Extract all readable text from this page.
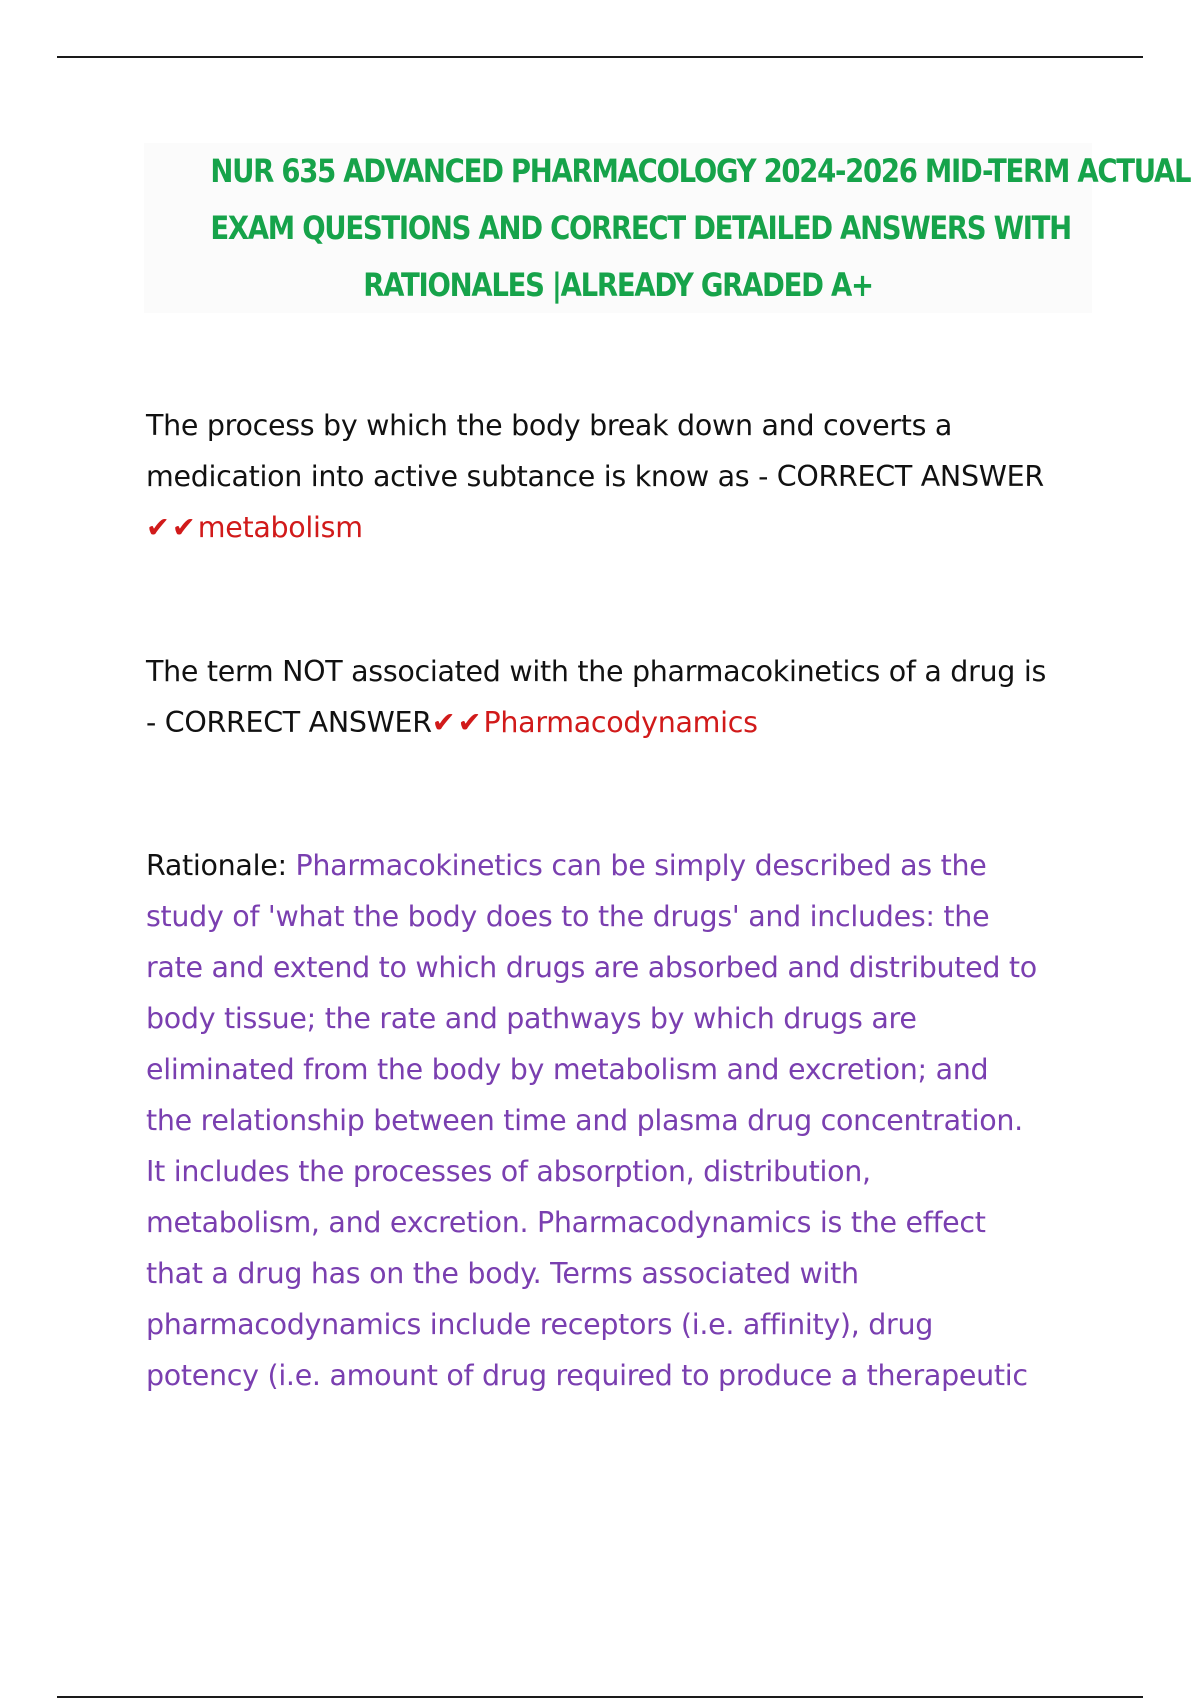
NUR 635 ADVANCED PHARMACOLOGY 2024-2026 MID-TERM ACTUAL
EXAM QUESTIONS AND CORRECT DETAILED ANSWERS WITH
RATIONALES |ALREADY GRADED A+

The process by which the body break down and coverts a
medication into active subtance is know as - CORRECT ANSWER
✔✔metabolism

The term NOT associated with the pharmacokinetics of a drug is
- CORRECT ANSWER✔✔Pharmacodynamics

Rationale: Pharmacokinetics can be simply described as the
study of 'what the body does to the drugs' and includes: the
rate and extend to which drugs are absorbed and distributed to
body tissue; the rate and pathways by which drugs are
eliminated from the body by metabolism and excretion; and
the relationship between time and plasma drug concentration.
It includes the processes of absorption, distribution,
metabolism, and excretion. Pharmacodynamics is the effect
that a drug has on the body. Terms associated with
pharmacodynamics include receptors (i.e. affinity), drug
potency (i.e. amount of drug required to produce a therapeutic
